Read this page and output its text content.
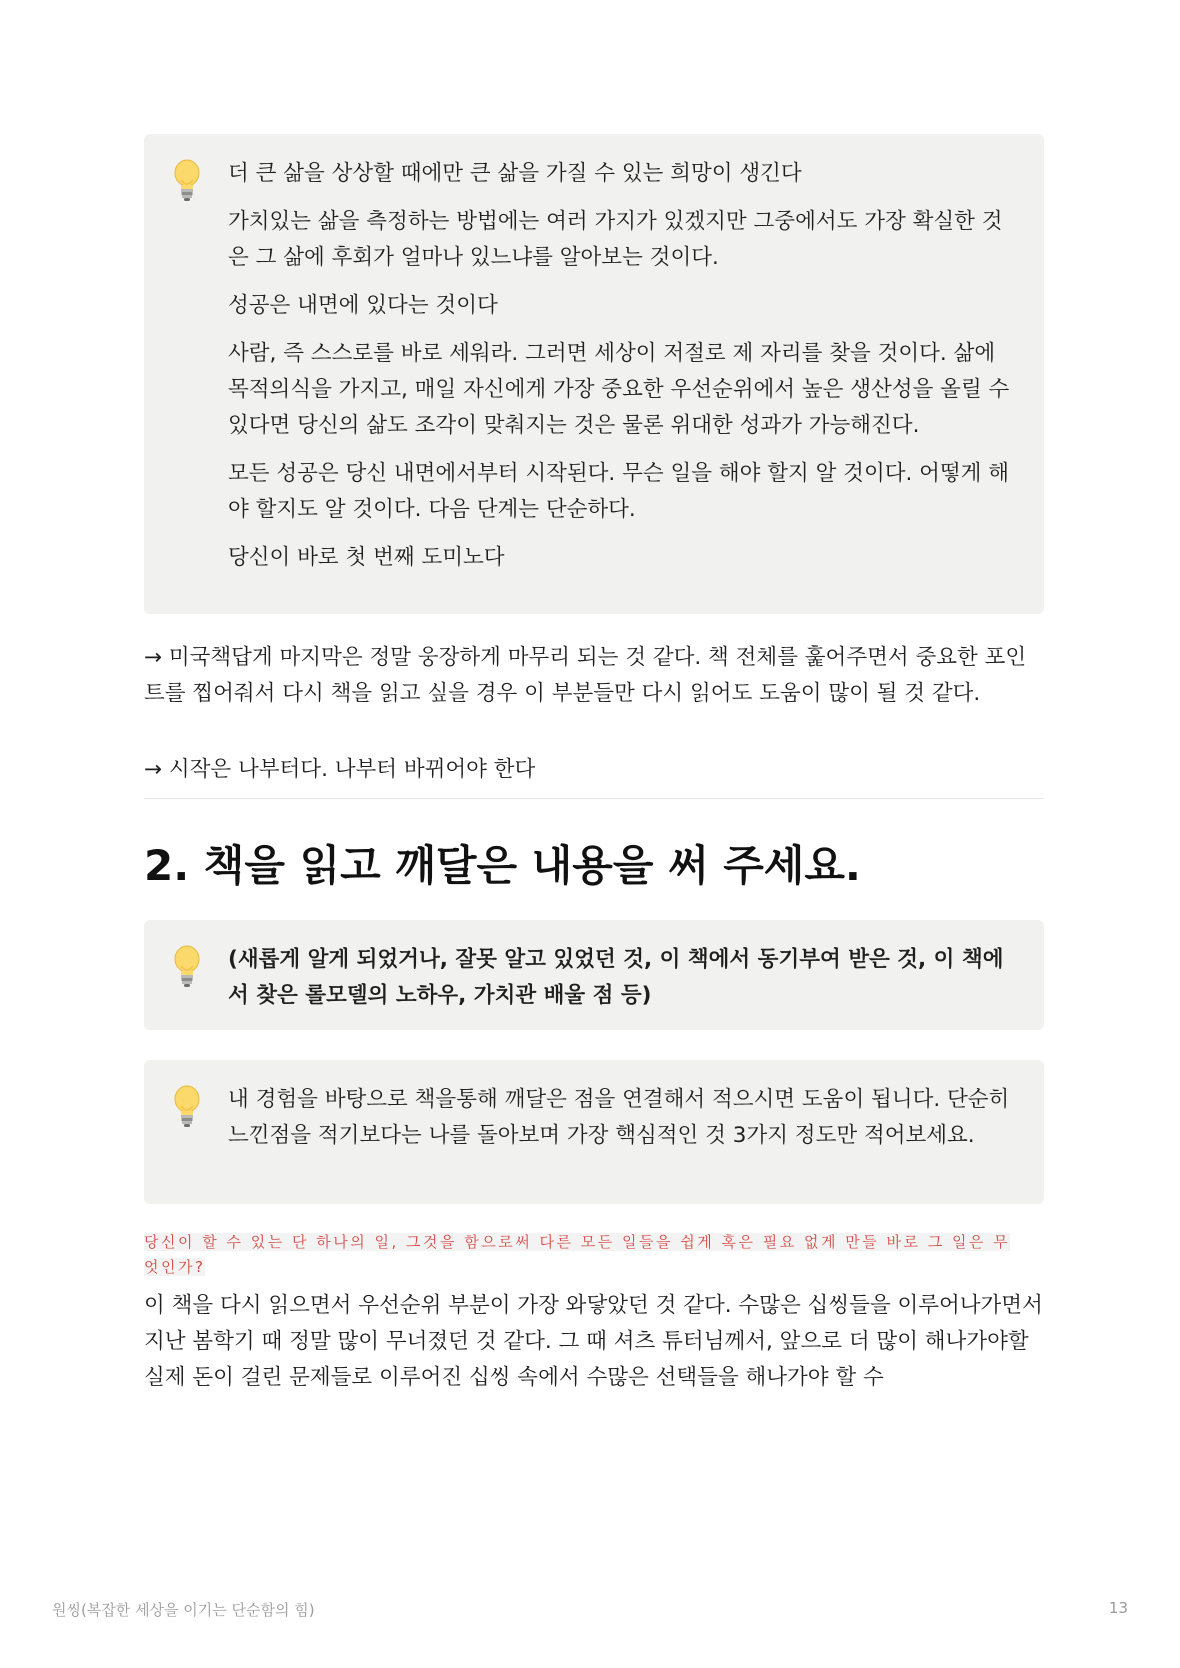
더 큰 삶을 상상할 때에만 큰 삶을 가질 수 있는 희망이 생긴다

가치있는 삶을 측정하는 방법에는 여러 가지가 있겠지만 그중에서도 가장 확실한 것은 그 삶에 후회가 얼마나 있느냐를 알아보는 것이다.

성공은 내면에 있다는 것이다

사람, 즉 스스로를 바로 세워라. 그러면 세상이 저절로 제 자리를 찾을 것이다. 삶에 목적의식을 가지고, 매일 자신에게 가장 중요한 우선순위에서 높은 생산성을 올릴 수 있다면 당신의 삶도 조각이 맞춰지는 것은 물론 위대한 성과가 가능해진다.

모든 성공은 당신 내면에서부터 시작된다. 무슨 일을 해야 할지 알 것이다. 어떻게 해야 할지도 알 것이다. 다음 단계는 단순하다.

당신이 바로 첫 번째 도미노다

→ 미국책답게 마지막은 정말 웅장하게 마무리 되는 것 같다. 책 전체를 훑어주면서 중요한 포인트를 찝어줘서 다시 책을 읽고 싶을 경우 이 부분들만 다시 읽어도 도움이 많이 될 것 같다.

→ 시작은 나부터다. 나부터 바뀌어야 한다

2. 책을 읽고 깨달은 내용을 써 주세요.

(새롭게 알게 되었거나, 잘못 알고 있었던 것, 이 책에서 동기부여 받은 것, 이 책에서 찾은 롤모델의 노하우, 가치관 배울 점 등)

내 경험을 바탕으로 책을통해 깨달은 점을 연결해서 적으시면 도움이 됩니다. 단순히 느낀점을 적기보다는 나를 돌아보며 가장 핵심적인 것 3가지 정도만 적어보세요.

당신이 할 수 있는 단 하나의 일, 그것을 함으로써 다른 모든 일들을 쉽게 혹은 필요 없게 만들 바로 그 일은 무엇인가?

이 책을 다시 읽으면서 우선순위 부분이 가장 와닿았던 것 같다. 수많은 십씽들을 이루어나가면서 지난 봄학기 때 정말 많이 무너졌던 것 같다. 그 때 셔츠 튜터님께서, 앞으로 더 많이 해나가야할 실제 돈이 걸린 문제들로 이루어진 십씽 속에서 수많은 선택들을 해나가야 할 수

원씽(복잡한 세상을 이기는 단순함의 힘)	13
